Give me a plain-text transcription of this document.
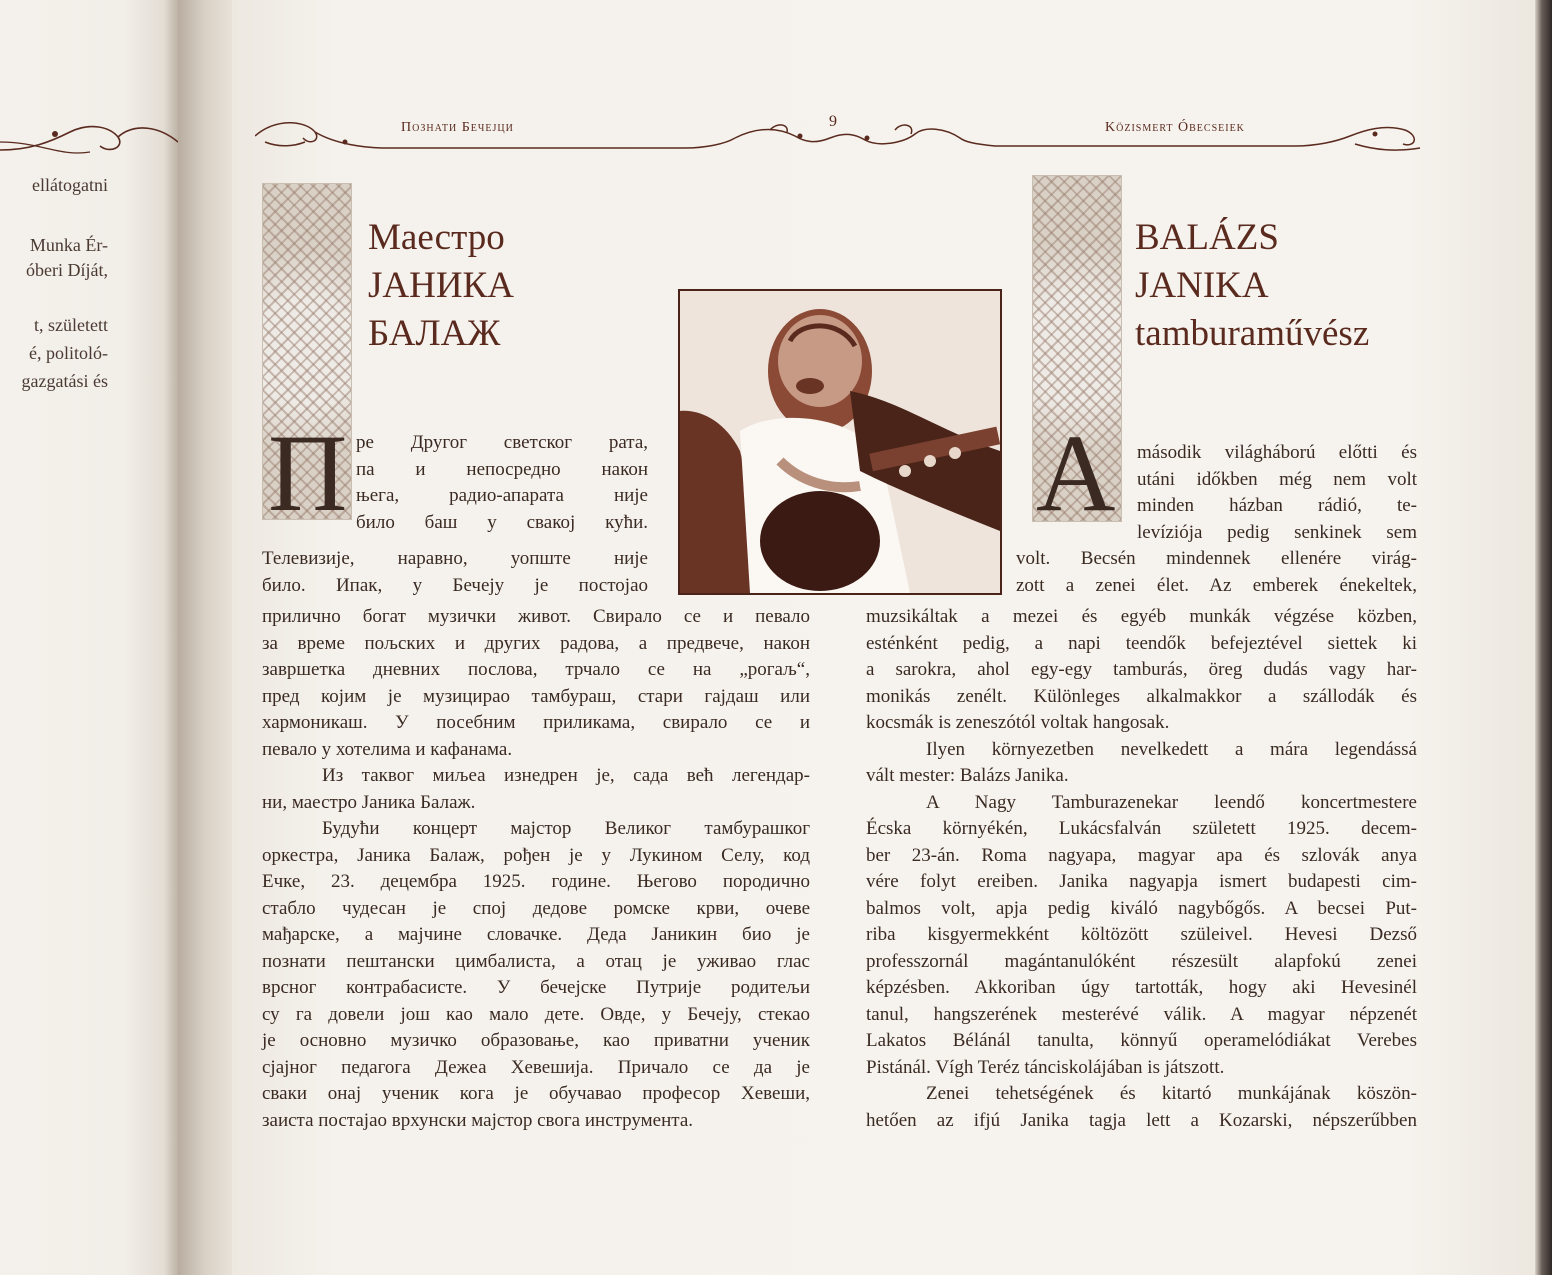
ellátogatni
Munka Ér-
óberi Díját,
t, született
é, politoló-
gazgatási és
Познати Бечејци	9	Közismert Óbecseiek
Маестро
ЈАНИКА
БАЛАЖ
П ре Другог светског рата,
па и непосредно након
њега, радио-апарата није
било баш у свакој кући.
Телевизије, наравно, уопште није
било. Ипак, у Бечеју је постојао
прилично богат музички живот. Свирало се и певало
за време пољских и других радова, а предвече, након
завршетка дневних послова, трчало се на „рогаљ“,
пред којим је музицирао тамбураш, стари гајдаш или
хармоникаш. У посебним приликама, свирало се и
певало у хотелима и кафанама.
Из таквог миљеа изнедрен је, сада већ легендар-
ни, маестро Јаника Балаж.
Будући концерт мајстор Великог тамбурашког
оркестра, Јаника Балаж, рођен је у Лукином Селу, код
Ечке, 23. децембра 1925. године. Његово породично
стабло чудесан је спој дедове ромске крви, очеве
мађарске, а мајчине словачке. Деда Јаникин био је
познати пештански цимбалиста, а отац је уживао глас
врсног контрабасисте. У бечејске Путрије родитељи
су га довели још као мало дете. Овде, у Бечеју, стекао
је основно музичко образовање, као приватни ученик
сјајног педагога Дежеа Хевешија. Причало се да је
сваки онај ученик кога је обучавао професор Хевеши,
заиста постајао врхунски мајстор свога инструмента.
BALÁZS
JANIKA
tamburaművész
A második világháború előtti és
utáni időkben még nem volt
minden házban rádió, te-
levíziója pedig senkinek sem
volt. Becsén mindennek ellenére virág-
zott a zenei élet. Az emberek énekeltek,
muzsikáltak a mezei és egyéb munkák végzése közben,
esténként pedig, a napi teendők befejeztével siettek ki
a sarokra, ahol egy-egy tamburás, öreg dudás vagy har-
monikás zenélt. Különleges alkalmakkor a szállodák és
kocsmák is zeneszótól voltak hangosak.
Ilyen környezetben nevelkedett a mára legendássá
vált mester: Balázs Janika.
A Nagy Tamburazenekar leendő koncertmestere
Écska környékén, Lukácsfalván született 1925. decem-
ber 23-án. Roma nagyapa, magyar apa és szlovák anya
vére folyt ereiben. Janika nagyapja ismert budapesti cim-
balmos volt, apja pedig kiváló nagybőgős. A becsei Put-
riba kisgyermekként költözött szüleivel. Hevesi Dezső
professzornál magántanulóként részesült alapfokú zenei
képzésben. Akkoriban úgy tartották, hogy aki Hevesinél
tanul, hangszerének mesterévé válik. A magyar népzenét
Lakatos Bélánál tanulta, könnyű operamelódiákat Verebes
Pistánál. Vígh Teréz tánciskolájában is játszott.
Zenei tehetségének és kitartó munkájának köszön-
hetően az ifjú Janika tagja lett a Kozarski, népszerűbben
